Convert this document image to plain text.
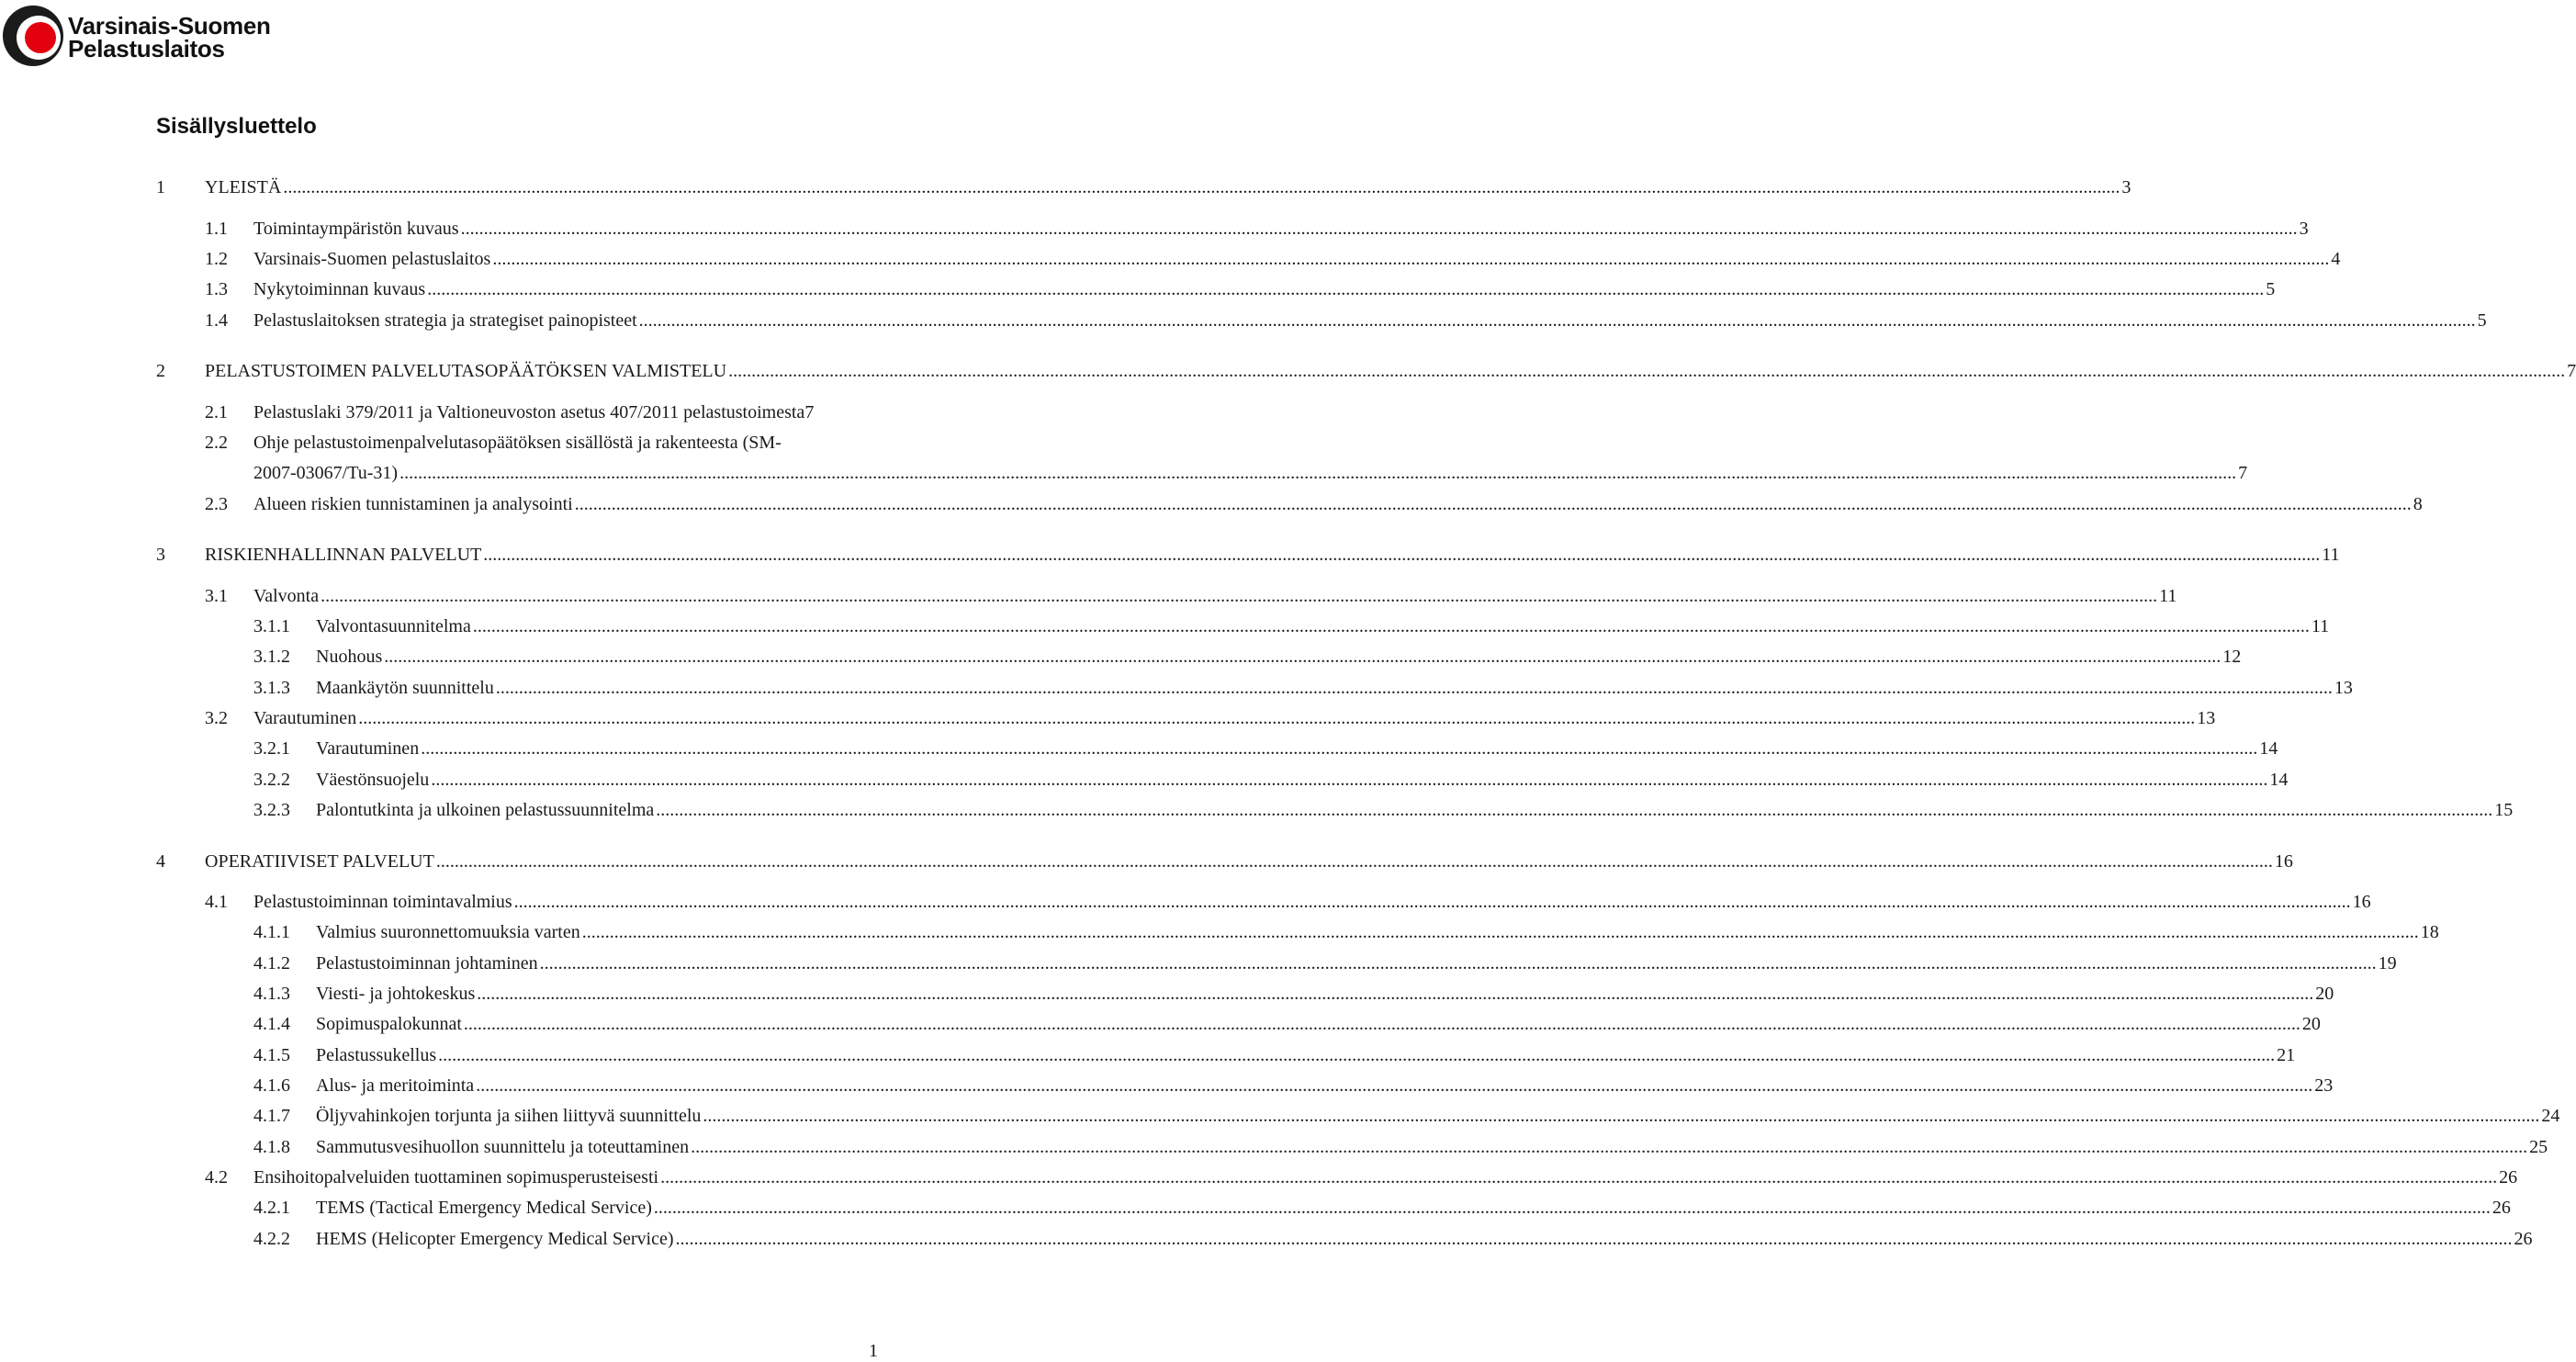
Varsinais-Suomen
Pelastuslaitos
Sisällysluettelo
1 YLEISTÄ ................................................................................................................................................................................................................................................................................................................................................................................................................ 3
1.1 Toimintaympäristön kuvaus ................................................................................................................................................................................................................................................................................................................................................................................................................ 3
1.2 Varsinais-Suomen pelastuslaitos ................................................................................................................................................................................................................................................................................................................................................................................................................ 4
1.3 Nykytoiminnan kuvaus ................................................................................................................................................................................................................................................................................................................................................................................................................ 5
1.4 Pelastuslaitoksen strategia ja strategiset painopisteet ................................................................................................................................................................................................................................................................................................................................................................................................................ 5
2 PELASTUSTOIMEN PALVELUTASOPÄÄTÖKSEN VALMISTELU ................................................................................................................................................................................................................................................................................................................................................................................................................ 7
2.1 Pelastuslaki 379/2011 ja Valtioneuvoston asetus 407/2011 pelastustoimesta 7
2.2 Ohje pelastustoimenpalvelutasopäätöksen sisällöstä ja rakenteesta (SM-
2007-03067/Tu-31) ................................................................................................................................................................................................................................................................................................................................................................................................................ 7
2.3 Alueen riskien tunnistaminen ja analysointi ................................................................................................................................................................................................................................................................................................................................................................................................................ 8
3 RISKIENHALLINNAN PALVELUT ................................................................................................................................................................................................................................................................................................................................................................................................................ 11
3.1 Valvonta ................................................................................................................................................................................................................................................................................................................................................................................................................ 11
3.1.1 Valvontasuunnitelma ................................................................................................................................................................................................................................................................................................................................................................................................................ 11
3.1.2 Nuohous ................................................................................................................................................................................................................................................................................................................................................................................................................ 12
3.1.3 Maankäytön suunnittelu ................................................................................................................................................................................................................................................................................................................................................................................................................ 13
3.2 Varautuminen ................................................................................................................................................................................................................................................................................................................................................................................................................ 13
3.2.1 Varautuminen ................................................................................................................................................................................................................................................................................................................................................................................................................ 14
3.2.2 Väestönsuojelu ................................................................................................................................................................................................................................................................................................................................................................................................................ 14
3.2.3 Palontutkinta ja ulkoinen pelastussuunnitelma ................................................................................................................................................................................................................................................................................................................................................................................................................ 15
4 OPERATIIVISET PALVELUT ................................................................................................................................................................................................................................................................................................................................................................................................................ 16
4.1 Pelastustoiminnan toimintavalmius ................................................................................................................................................................................................................................................................................................................................................................................................................ 16
4.1.1 Valmius suuronnettomuuksia varten ................................................................................................................................................................................................................................................................................................................................................................................................................ 18
4.1.2 Pelastustoiminnan johtaminen ................................................................................................................................................................................................................................................................................................................................................................................................................ 19
4.1.3 Viesti- ja johtokeskus ................................................................................................................................................................................................................................................................................................................................................................................................................ 20
4.1.4 Sopimuspalokunnat ................................................................................................................................................................................................................................................................................................................................................................................................................ 20
4.1.5 Pelastussukellus ................................................................................................................................................................................................................................................................................................................................................................................................................ 21
4.1.6 Alus- ja meritoiminta ................................................................................................................................................................................................................................................................................................................................................................................................................ 23
4.1.7 Öljyvahinkojen torjunta ja siihen liittyvä suunnittelu ................................................................................................................................................................................................................................................................................................................................................................................................................ 24
4.1.8 Sammutusvesihuollon suunnittelu ja toteuttaminen ................................................................................................................................................................................................................................................................................................................................................................................................................ 25
4.2 Ensihoitopalveluiden tuottaminen sopimusperusteisesti ................................................................................................................................................................................................................................................................................................................................................................................................................ 26
4.2.1 TEMS (Tactical Emergency Medical Service) ................................................................................................................................................................................................................................................................................................................................................................................................................ 26
4.2.2 HEMS (Helicopter Emergency Medical Service) ................................................................................................................................................................................................................................................................................................................................................................................................................ 26
1
